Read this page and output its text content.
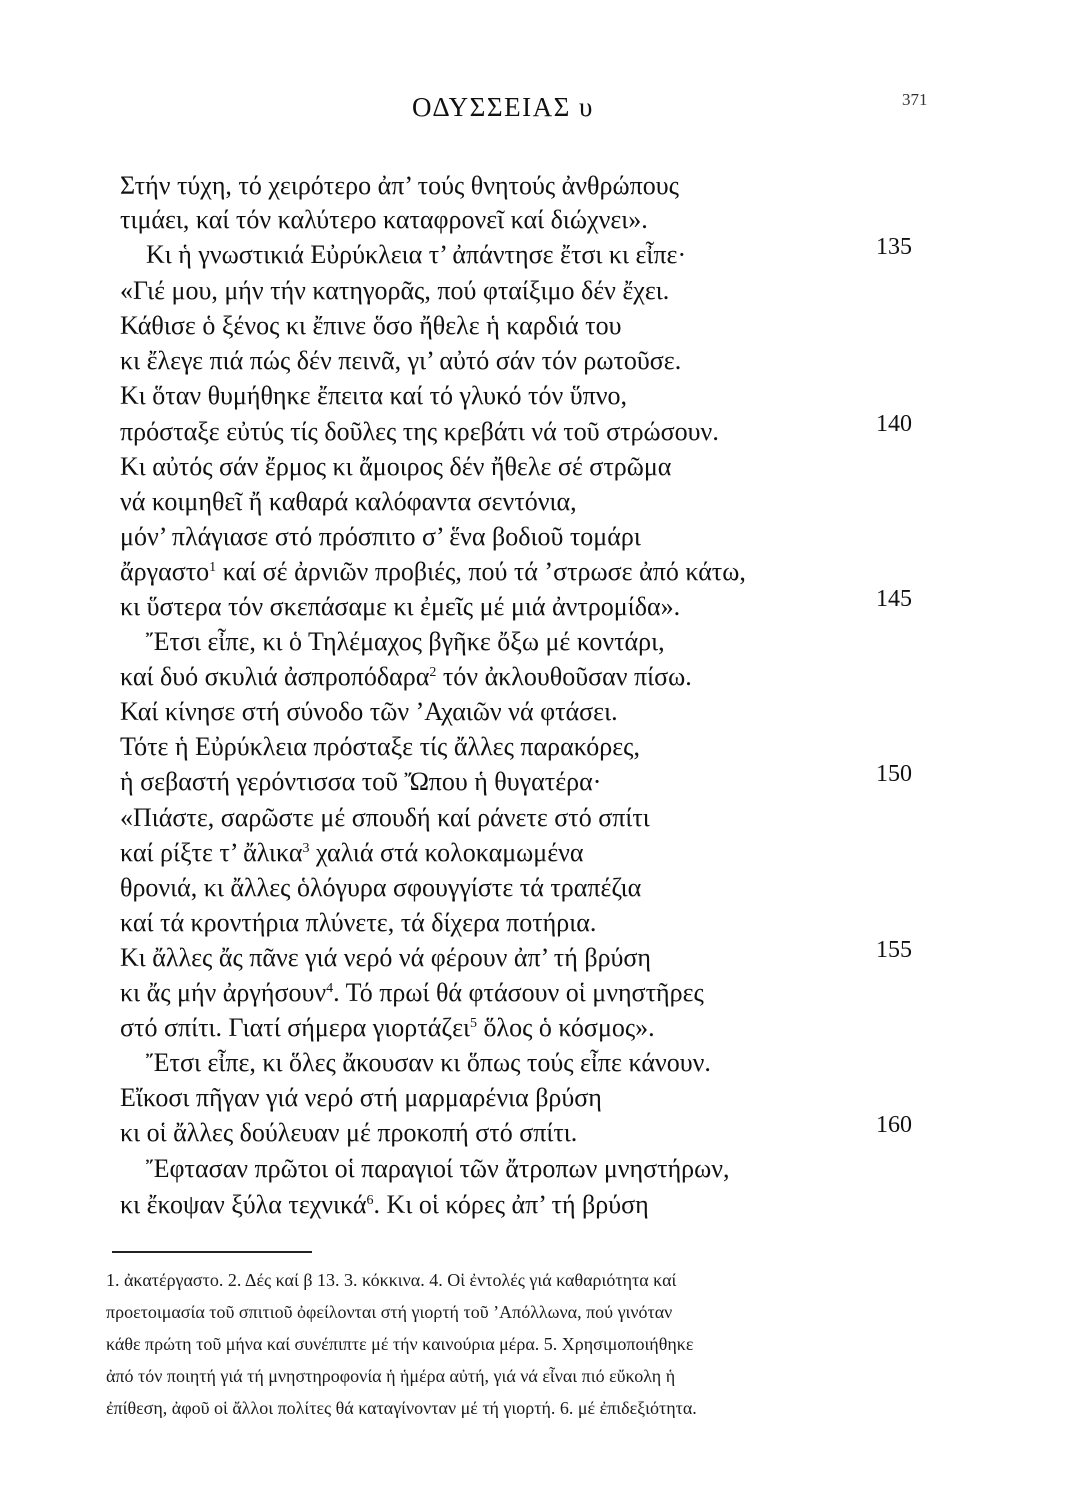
ΟΔΥΣΣΕΙΑΣ υ	371
Στήν τύχη, τό χειρότερο ἀπ’ τούς θνητούς ἀνθρώπους
τιμάει, καί τόν καλύτερο καταφρονεῖ καί διώχνει».
Κι ἡ γνωστικιά Εὐρύκλεια τ’ ἀπάντησε ἔτσι κι εἶπε·	135
«Γιέ μου, μήν τήν κατηγορᾶς, πού φταίξιμο δέν ἔχει.
Κάθισε ὁ ξένος κι ἔπινε ὅσο ἤθελε ἡ καρδιά του
κι ἔλεγε πιά πώς δέν πεινᾶ, γι’ αὐτό σάν τόν ρωτοῦσε.
Κι ὅταν θυμήθηκε ἔπειτα καί τό γλυκό τόν ὕπνο,
πρόσταξε εὐτύς τίς δοῦλες της κρεβάτι νά τοῦ στρώσουν.	140
Κι αὐτός σάν ἔρμος κι ἄμοιρος δέν ἤθελε σέ στρῶμα
νά κοιμηθεῖ ἤ καθαρά καλόφαντα σεντόνια,
μόν’ πλάγιασε στό πρόσπιτο σ’ ἕνα βοδιοῦ τομάρι
ἄργαστο$^1$ καί σέ ἀρνιῶν προβιές, πού τά ’στρωσε ἀπό κάτω,
κι ὕστερα τόν σκεπάσαμε κι ἐμεῖς μέ μιά ἀντρομίδα».	145
Ἔτσι εἶπε, κι ὁ Τηλέμαχος βγῆκε ὄξω μέ κοντάρι,
καί δυό σκυλιά ἀσπροπόδαρα$^2$ τόν ἀκλουθοῦσαν πίσω.
Καί κίνησε στή σύνοδο τῶν ’Αχαιῶν νά φτάσει.
Τότε ἡ Εὐρύκλεια πρόσταξε τίς ἄλλες παρακόρες,
ἡ σεβαστή γερόντισσα τοῦ Ὤπου ἡ θυγατέρα·	150
«Πιάστε, σαρῶστε μέ σπουδή καί ράνετε στό σπίτι
καί ρίξτε τ’ ἄλικα$^3$ χαλιά στά κολοκαμωμένα
θρονιά, κι ἄλλες ὁλόγυρα σφουγγίστε τά τραπέζια
καί τά κροντήρια πλύνετε, τά δίχερα ποτήρια.
Κι ἄλλες ἄς πᾶνε γιά νερό νά φέρουν ἀπ’ τή βρύση	155
κι ἄς μήν ἀργήσουν$^4$. Τό πρωί θά φτάσουν οἱ μνηστῆρες
στό σπίτι. Γιατί σήμερα γιορτάζει$^5$ ὅλος ὁ κόσμος».
Ἔτσι εἶπε, κι ὅλες ἄκουσαν κι ὅπως τούς εἶπε κάνουν.
Εἴκοσι πῆγαν γιά νερό στή μαρμαρένια βρύση
κι οἱ ἄλλες δούλευαν μέ προκοπή στό σπίτι.	160
Ἔφτασαν πρῶτοι οἱ παραγιοί τῶν ἄτροπων μνηστήρων,
κι ἔκοψαν ξύλα τεχνικά$^6$. Κι οἱ κόρες ἀπ’ τή βρύση
1. ἀκατέργαστο. 2. Δές καί β 13. 3. κόκκινα. 4. Οἱ ἐντολές γιά καθαριότητα καί
προετοιμασία τοῦ σπιτιοῦ ὀφείλονται στή γιορτή τοῦ ’Απόλλωνα, πού γινόταν
κάθε πρώτη τοῦ μήνα καί συνέπιπτε μέ τήν καινούρια μέρα. 5. Χρησιμοποιήθηκε
ἀπό τόν ποιητή γιά τή μνηστηροφονία ἡ ἡμέρα αὐτή, γιά νά εἶναι πιό εὔκολη ἡ
ἐπίθεση, ἀφοῦ οἱ ἄλλοι πολίτες θά καταγίνονταν μέ τή γιορτή. 6. μέ ἐπιδεξιότητα.
